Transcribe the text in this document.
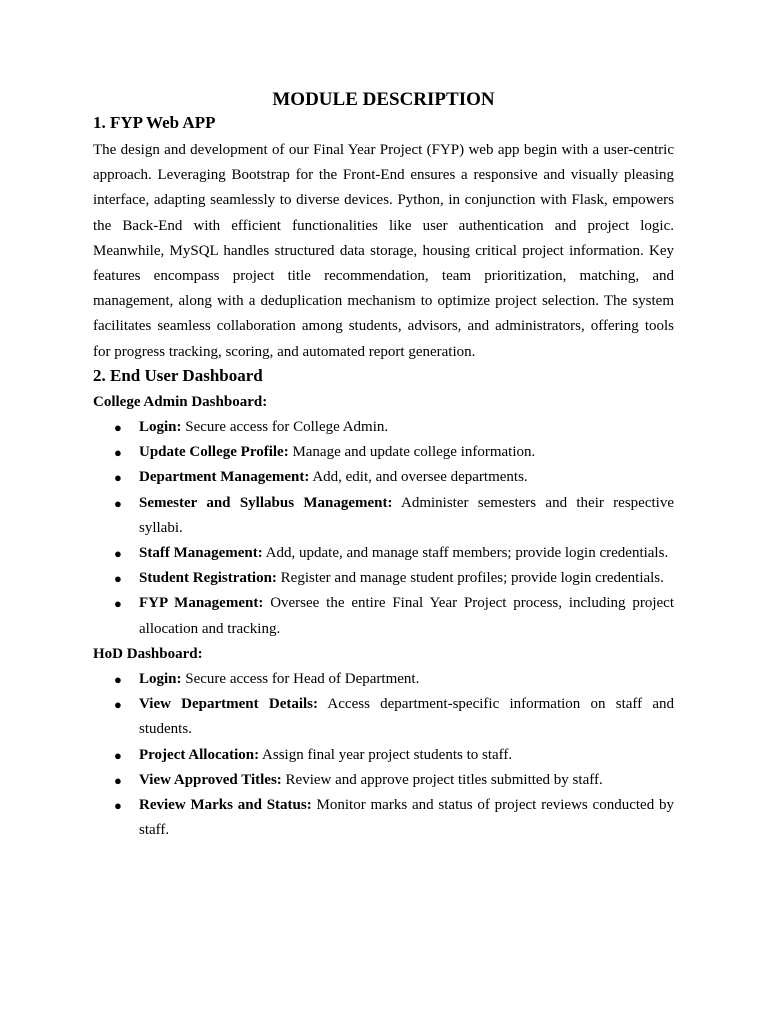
MODULE DESCRIPTION
1. FYP Web APP

The design and development of our Final Year Project (FYP) web app begin with a user-centric approach. Leveraging Bootstrap for the Front-End ensures a responsive and visually pleasing interface, adapting seamlessly to diverse devices. Python, in conjunction with Flask, empowers the Back-End with efficient functionalities like user authentication and project logic. Meanwhile, MySQL handles structured data storage, housing critical project information. Key features encompass project title recommendation, team prioritization, matching, and management, along with a deduplication mechanism to optimize project selection. The system facilitates seamless collaboration among students, advisors, and administrators, offering tools for progress tracking, scoring, and automated report generation.

2. End User Dashboard
College Admin Dashboard:
● Login: Secure access for College Admin.
● Update College Profile: Manage and update college information.
● Department Management: Add, edit, and oversee departments.
● Semester and Syllabus Management: Administer semesters and their respective syllabi.
● Staff Management: Add, update, and manage staff members; provide login credentials.
● Student Registration: Register and manage student profiles; provide login credentials.
● FYP Management: Oversee the entire Final Year Project process, including project allocation and tracking.
HoD Dashboard:
● Login: Secure access for Head of Department.
● View Department Details: Access department-specific information on staff and students.
● Project Allocation: Assign final year project students to staff.
● View Approved Titles: Review and approve project titles submitted by staff.
● Review Marks and Status: Monitor marks and status of project reviews conducted by staff.
